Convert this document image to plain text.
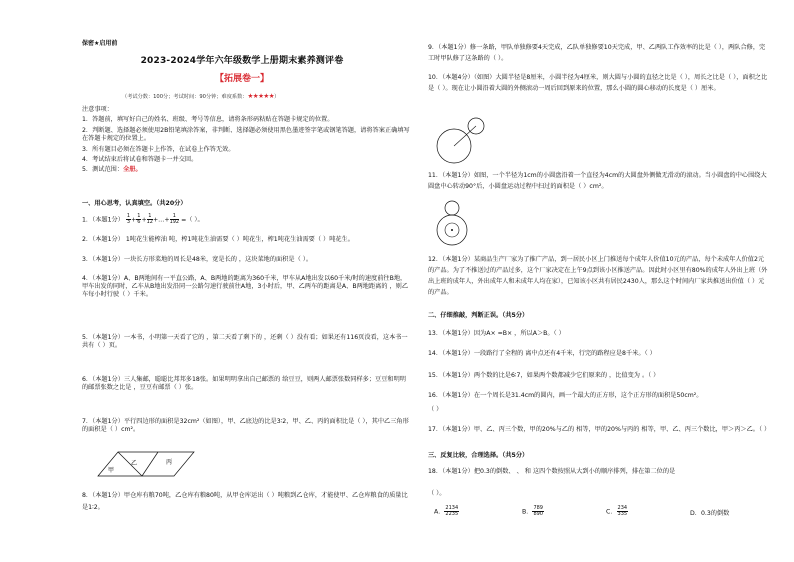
保密★启用前
2023-2024学年六年级数学上册期末素养测评卷
【拓展卷一】
（考试分数：100分；考试时间：90分钟；难度系数：★★★★★）
注意事项：
1．答题前，填写好自己的姓名、班级、考号等信息，请将条形码粘贴在答题卡规定的位置。
2．判断题、选择题必须使用2B铅笔填涂答案，非判断、选择题必须使用黑色墨迹签字笔或钢笔答题，请将答案正确填写在答题卡规定的位置上。
3．所有题目必须在答题卡上作答，在试卷上作答无效。
4．考试结束后将试卷和答题卡一并交回。
5．测试范围：全册。
一、用心思考，认真填空。（共20分）
1．（本题1分） $\frac{1}{3} + \frac{1}{6} + \frac{1}{12}$ +…+ $\frac{1}{192}$ =（ ）。
2．（本题1分） 1吨花生能榨油 吨，榨1吨花生油需要（ ）吨花生，榨1吨花生油需要（ ）吨花生。
3．（本题1分）一块长方形菜地的周长是48米，宽是长的 ，这块菜地的面积是（ ）。
4．（本题1分）A、B两地间有一平直公路，A、B两地的距离为360千米，甲车从A地出发以60千米/时的速度前往B地，甲车出发的同时，乙车从B地出发沿同一公路匀速行驶前往A地，3小时后，甲、乙两车的距离是A、B两地距离的 ，则乙车每小时行驶（ ）千米。
5．（本题1分）一本书，小明第一天看了它的 ，第二天看了剩下的 ，还剩（ ）没有看；如果还有116页没看，这本书一共有（ ）页。
6．（本题1分）三人集邮，聪聪比邦邦多18张。如果明明拿出自己邮票的 给豆豆，则两人邮票张数同样多；豆豆和明明的邮票张数之比是 ，豆豆有邮票（ ）张。
7．（本题1分）平行四边形的面积是32cm²（如图），甲、乙底边的比是3∶2，甲、乙、丙的面积比是（ ），其中乙三角形的面积是（ ）cm²。
甲
乙	丙
8．（本题1分）甲仓库有粮70吨，乙仓库有粮80吨，从甲仓库运出（ ）吨粮到乙仓库，才能使甲、乙仓库粮食的质量比是1∶2。
9．（本题1分）修一条路，甲队单独修要4天完成，乙队单独修要10天完成，甲、乙两队工作效率的比是（ ），两队合修，完工时甲队修了这条路的（ ）。
10．（本题4分）（如图）大圆半径是8厘米，小圆半径为4厘米，则大圆与小圆的直径之比是（ ），周长之比是（ ），面积之比是（ ）。现在让小圆沿着大圆的外侧滚动一周后回到原来的位置，那么小圆的圆心移动的长度是（ ）厘米。
11．（本题1分）如图，一个半径为1cm的小圆盘沿着一个直径为4cm的大圆盘外侧做无滑动的滚动。当小圆盘的中心围绕大圆盘中心转动90°后，小圆盘运动过程中扫过的面积是（ ）cm²。
12．（本题1分）某商品生产厂家为了推广产品，到一居民小区上门推送每个成年人价值10元的产品，每个未成年人价值2元的产品。为了不推送过的产品过多，这个厂家决定在上午9点到该小区推送产品。因此时小区里有80%的成年人外出上班（外出上班的成年人，外出成年人和未成年人均在家），已知该小区共有居民2430人，那么这个时间内厂家共推送出价值（ ）元的产品。
二、仔细推敲，判断正误。（共5分）
13．（本题1分）因为A× =B× ，所以A＞B。（ ）
14．（本题1分）一段路行了全程的 离中点还有4千米，行完的路程应是8千米。（ ）
15．（本题1分）两个数的比是6∶7，如果两个数都减少它们原来的 ，比值变为 。（ ）
16．（本题1分）在一个周长是31.4cm的圆内，画一个最大的正方形，这个正方形的面积是50cm²。
（ ）
17．（本题1分）甲、乙、丙三个数，甲的20%与乙的 相等，甲的20%与丙的 相等，甲、乙、丙三个数比，甲＞丙＞乙。（ ）
三、反复比较，合理选择。（共5分）
18．（本题1分）把0.3的倒数、 、 和 这四个数按照从大到小的顺序排列，排在第二位的是
（ ）。
A． $\frac{2134}{2235}$	B． $\frac{789}{890}$	C． $\frac{234}{335}$	D．0.3的倒数
